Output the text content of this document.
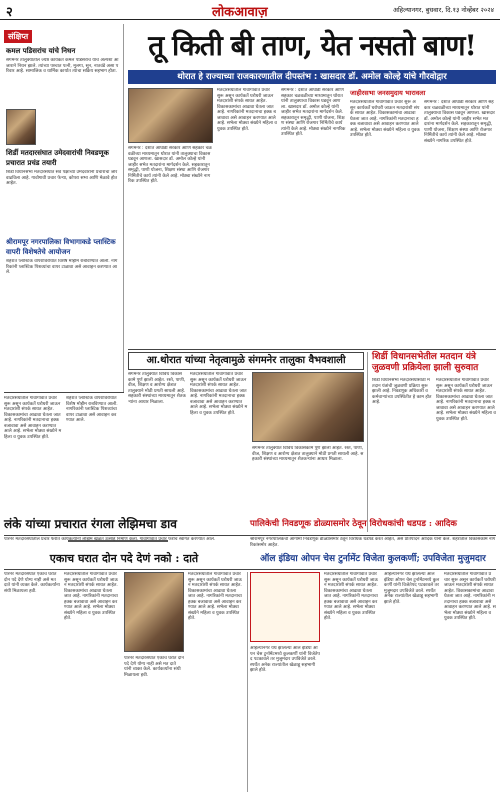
२	लोकआवाज़	अहिल्यानगर, बुधवार, दि.१३ नोव्हेंबर २०२४
संक्षिप्त
कमल पडिसरांच यांचे निधन

संगमनेर तालुक्यातील ज्येष्ठ कार्यकर्ते कमल पडिसरांच यांचे अल्पशा आजाराने निधन झाले. त्यांच्या पश्चात पत्नी, मुलगा, सून, नातवंडे असा परिवार आहे. सामाजिक व धार्मिक कार्यात त्यांचा सक्रिय सहभाग होता.

शिर्डी मतदारसंघात उमेदवारांची निवडणूक प्रचारात प्रचंड तयारी

शिर्डी विधानसभा मतदारसंघात सर्व पक्षांच्या उमेदवारांनी प्रचाराचा जोर वाढविला आहे. गावोगावी प्रचार फेऱ्या, कोपरा सभा आणि मेळावे होत आहेत.

श्रीरामपूर नगरपालिका विभागाकडे प्लास्टिक वापरी विशेषतेचे आयोजन

शहरात प्लास्टिक वापराविरोधात विशेष मोहीम राबविण्यात आली. नागरिकांनी प्लास्टिक पिशव्यांचा वापर टाळावा असे आवाहन करण्यात आले.

तू किती बी ताण, येत नसतो बाण!
थोरात हे राज्याच्या राजकारणातील दीपस्तंभ : खासदार डॉ. अमोल कोल्हे यांचे गौरवोद्गार

संगमनेर : देशात आघाडी सरकार आणि सहकार चळवळीच्या माध्यमातून थोरात यांनी तालुक्याचा विकास घडवून आणला. खासदार डॉ. अमोल कोल्हे यांनी जाहीर सभेत मतदारांना मार्गदर्शन केले. सहकारातून समृद्धी, पाणी योजना, शिक्षण संस्था आणि रोजगार निर्मितीचे कार्य त्यांनी केले आहे. मोठ्या संख्येने नागरिक उपस्थित होते.

मतदारसंघातील गावागावात प्रचार सुरू असून कार्यकर्ते घरोघरी जाऊन मतदारांशी संपर्क साधत आहेत. विकासकामांचा आढावा घेतला जात आहे. नागरिकांनी मतदानाचा हक्क बजावावा असे आवाहन करण्यात आले आहे. सभेला मोठ्या संख्येने महिला व युवक उपस्थित होते.

संगमनेर : देशात आघाडी सरकार आणि सहकार चळवळीच्या माध्यमातून थोरात यांनी तालुक्याचा विकास घडवून आणला. खासदार डॉ. अमोल कोल्हे यांनी जाहीर सभेत मतदारांना मार्गदर्शन केले. सहकारातून समृद्धी, पाणी योजना, शिक्षण संस्था आणि रोजगार निर्मितीचे कार्य त्यांनी केले आहे. मोठ्या संख्येने नागरिक उपस्थित होते.

मतदारसंघातील गावागावात प्रचार सुरू असून कार्यकर्ते घरोघरी जाऊन मतदारांशी संपर्क साधत आहेत. विकासकामांचा आढावा घेतला जात आहे. नागरिकांनी मतदानाचा हक्क बजावावा असे आवाहन करण्यात आले आहे. सभेला मोठ्या संख्येने महिला व युवक उपस्थित होते.

जाहीरसभा जनसमुदाय भारावला

संगमनेर : देशात आघाडी सरकार आणि सहकार चळवळीच्या माध्यमातून थोरात यांनी तालुक्याचा विकास घडवून आणला. खासदार डॉ. अमोल कोल्हे यांनी जाहीर सभेत मतदारांना मार्गदर्शन केले. सहकारातून समृद्धी, पाणी योजना, शिक्षण संस्था आणि रोजगार निर्मितीचे कार्य त्यांनी केले आहे. मोठ्या संख्येने नागरिक उपस्थित होते.

आ.थोरात यांच्या नेतृत्वामुळे संगमनेर तालुका वैभवशाली

संगमनेर तालुक्यात विविध विकासकामे पूर्ण झाली आहेत. रस्ते, पाणी, वीज, शिक्षण व आरोग्य क्षेत्रात तालुक्याने मोठी प्रगती साधली आहे. सहकारी संस्थांच्या माध्यमातून शेतकऱ्यांना आधार मिळाला.

मतदारसंघातील गावागावात प्रचार सुरू असून कार्यकर्ते घरोघरी जाऊन मतदारांशी संपर्क साधत आहेत. विकासकामांचा आढावा घेतला जात आहे. नागरिकांनी मतदानाचा हक्क बजावावा असे आवाहन करण्यात आले आहे. सभेला मोठ्या संख्येने महिला व युवक उपस्थित होते.

संगमनेर तालुक्यात विविध विकासकामे पूर्ण झाली आहेत. रस्ते, पाणी, वीज, शिक्षण व आरोग्य क्षेत्रात तालुक्याने मोठी प्रगती साधली आहे. सहकारी संस्थांच्या माध्यमातून शेतकऱ्यांना आधार मिळाला.

शिर्डी विधानसभेतील मतदान यंत्रे जुळवणी प्रक्रियेला झाली सुरुवात

शिर्डी विधानसभा मतदारसंघासाठी मतदान यंत्रांची जुळवणी प्रक्रिया सुरू झाली आहे. निवडणूक अधिकारी व कर्मचाऱ्यांच्या उपस्थितीत हे काम होत आहे.

मतदारसंघातील गावागावात प्रचार सुरू असून कार्यकर्ते घरोघरी जाऊन मतदारांशी संपर्क साधत आहेत. विकासकामांचा आढावा घेतला जात आहे. नागरिकांनी मतदानाचा हक्क बजावावा असे आवाहन करण्यात आले आहे. सभेला मोठ्या संख्येने महिला व युवक उपस्थित होते.

मतदारसंघातील गावागावात प्रचार सुरू असून कार्यकर्ते घरोघरी जाऊन मतदारांशी संपर्क साधत आहेत. विकासकामांचा आढावा घेतला जात आहे. नागरिकांनी मतदानाचा हक्क बजावावा असे आवाहन करण्यात आले आहे. सभेला मोठ्या संख्येने महिला व युवक उपस्थित होते.

शहरात प्लास्टिक वापराविरोधात विशेष मोहीम राबविण्यात आली. नागरिकांनी प्लास्टिक पिशव्यांचा वापर टाळावा असे आवाहन करण्यात आले.

लंके यांच्या प्रचारात रंगला लेझिमचा डाव	पालिकेची निवडणूक डोळ्यासमोर ठेवून विरोधकांची धडपड : आदिक

एकाच घरात दोन पदे देणं नको : दाते	ऑल इंडिया ओपन चेस टुर्नामेंट विजेता कुलकर्णी; उपविजेता मुजुमदार

पारनेर मतदारसंघात एकाच घरात दोन पदे देणे योग्य नाही असे मत दाते यांनी व्यक्त केले. कार्यकर्त्यांना संधी मिळायला हवी.

मतदारसंघातील गावागावात प्रचार सुरू असून कार्यकर्ते घरोघरी जाऊन मतदारांशी संपर्क साधत आहेत. विकासकामांचा आढावा घेतला जात आहे. नागरिकांनी मतदानाचा हक्क बजावावा असे आवाहन करण्यात आले आहे. सभेला मोठ्या संख्येने महिला व युवक उपस्थित होते.

पारनेर मतदारसंघात एकाच घरात दोन पदे देणे योग्य नाही असे मत दाते यांनी व्यक्त केले. कार्यकर्त्यांना संधी मिळायला हवी.

मतदारसंघातील गावागावात प्रचार सुरू असून कार्यकर्ते घरोघरी जाऊन मतदारांशी संपर्क साधत आहेत. विकासकामांचा आढावा घेतला जात आहे. नागरिकांनी मतदानाचा हक्क बजावावा असे आवाहन करण्यात आले आहे. सभेला मोठ्या संख्येने महिला व युवक उपस्थित होते.

अहिल्यानगर येथे झालेल्या ऑल इंडिया ओपन चेस टुर्नामेंटमध्ये कुलकर्णी यांनी विजेतेपद पटकावले तर मुजुमदार उपविजेते ठरले. स्पर्धेत अनेक राज्यांतील खेळाडू सहभागी झाले होते.

मतदारसंघातील गावागावात प्रचार सुरू असून कार्यकर्ते घरोघरी जाऊन मतदारांशी संपर्क साधत आहेत. विकासकामांचा आढावा घेतला जात आहे. नागरिकांनी मतदानाचा हक्क बजावावा असे आवाहन करण्यात आले आहे. सभेला मोठ्या संख्येने महिला व युवक उपस्थित होते.

अहिल्यानगर येथे झालेल्या ऑल इंडिया ओपन चेस टुर्नामेंटमध्ये कुलकर्णी यांनी विजेतेपद पटकावले तर मुजुमदार उपविजेते ठरले. स्पर्धेत अनेक राज्यांतील खेळाडू सहभागी झाले होते.

मतदारसंघातील गावागावात प्रचार सुरू असून कार्यकर्ते घरोघरी जाऊन मतदारांशी संपर्क साधत आहेत. विकासकामांचा आढावा घेतला जात आहे. नागरिकांनी मतदानाचा हक्क बजावावा असे आवाहन करण्यात आले आहे. सभेला मोठ्या संख्येने महिला व युवक उपस्थित होते.

श्रीरामपूर नगरपालिकेची आगामी निवडणूक डोळ्यासमोर ठेवून विरोधक धडपड करत आहेत, असे प्रतिपादन आदिक यांनी केले. शहरातील विकासकामे नागरिकांसमोर आहेत.

पारनेर मतदारसंघातील प्रचार फेरीत कार्यकर्त्यांनी लेझिम खेळत उत्साह निर्माण केला. गावागावात प्रचार फेरीचे स्वागत करण्यात आले.
